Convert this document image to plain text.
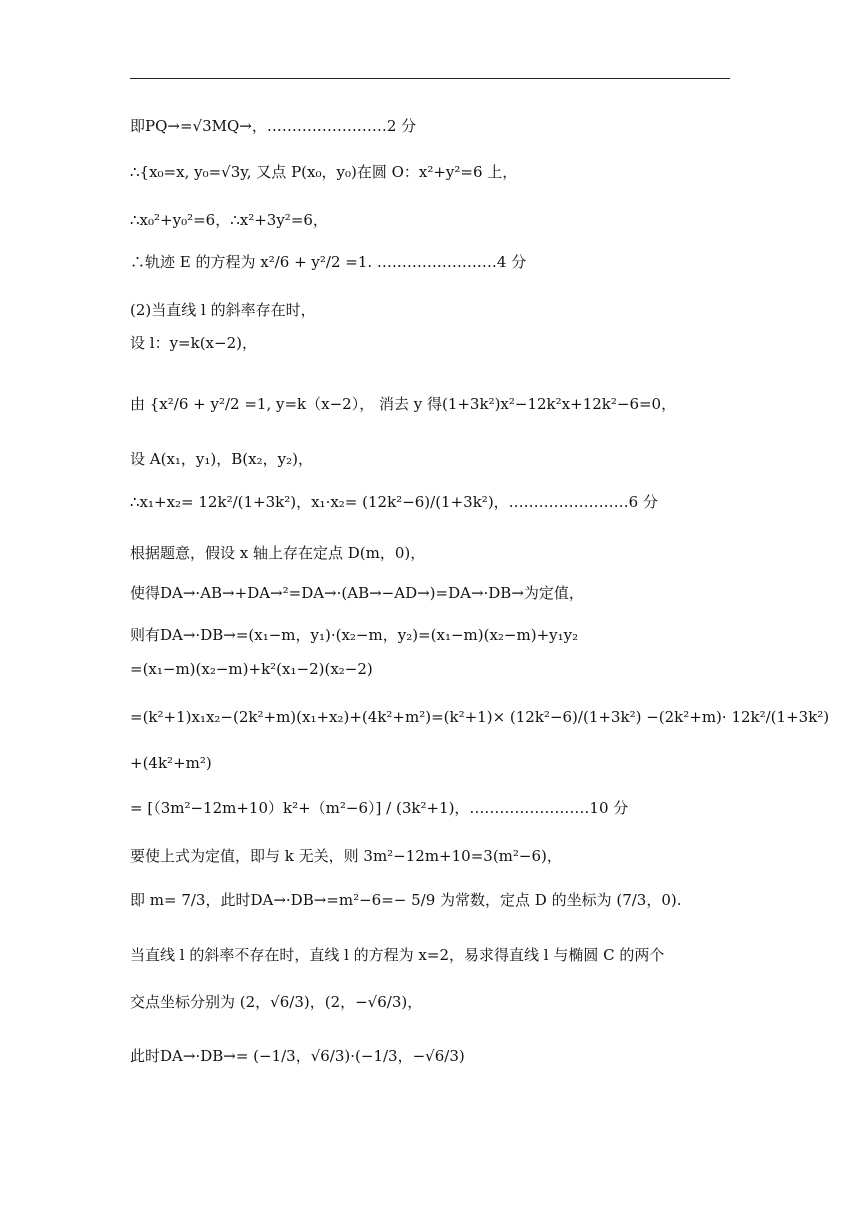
即PQ→=√3MQ→，……………………2 分
∴{x₀=x, y₀=√3y, 又点 P(x₀，y₀)在圆 O：x²+y²=6 上，
∴x₀²+y₀²=6，∴x²+3y²=6，
∴轨迹 E 的方程为 x²/6 + y²/2 =1. ……………………4 分
(2)当直线 l 的斜率存在时，
设 l：y=k(x−2)，
由 {x²/6 + y²/2 =1, y=k（x−2）， 消去 y 得(1+3k²)x²−12k²x+12k²−6=0，
设 A(x₁，y₁)，B(x₂，y₂)，
∴x₁+x₂= 12k²/(1+3k²)，x₁·x₂= (12k²−6)/(1+3k²)，……………………6 分
根据题意，假设 x 轴上存在定点 D(m，0)，
使得DA→·AB→+DA→²=DA→·(AB→−AD→)=DA→·DB→为定值，
则有DA→·DB→=(x₁−m，y₁)·(x₂−m，y₂)=(x₁−m)(x₂−m)+y₁y₂
=(x₁−m)(x₂−m)+k²(x₁−2)(x₂−2)
=(k²+1)x₁x₂−(2k²+m)(x₁+x₂)+(4k²+m²)=(k²+1)× (12k²−6)/(1+3k²) −(2k²+m)· 12k²/(1+3k²)
+(4k²+m²)
= [（3m²−12m+10）k²+（m²−6）] / (3k²+1)，……………………10 分
要使上式为定值，即与 k 无关，则 3m²−12m+10=3(m²−6)，
即 m= 7/3，此时DA→·DB→=m²−6=− 5/9 为常数，定点 D 的坐标为 (7/3，0).
当直线 l 的斜率不存在时，直线 l 的方程为 x=2，易求得直线 l 与椭圆 C 的两个
交点坐标分别为 (2，√6/3)，(2，−√6/3)，
此时DA→·DB→= (−1/3，√6/3)·(−1/3，−√6/3)
